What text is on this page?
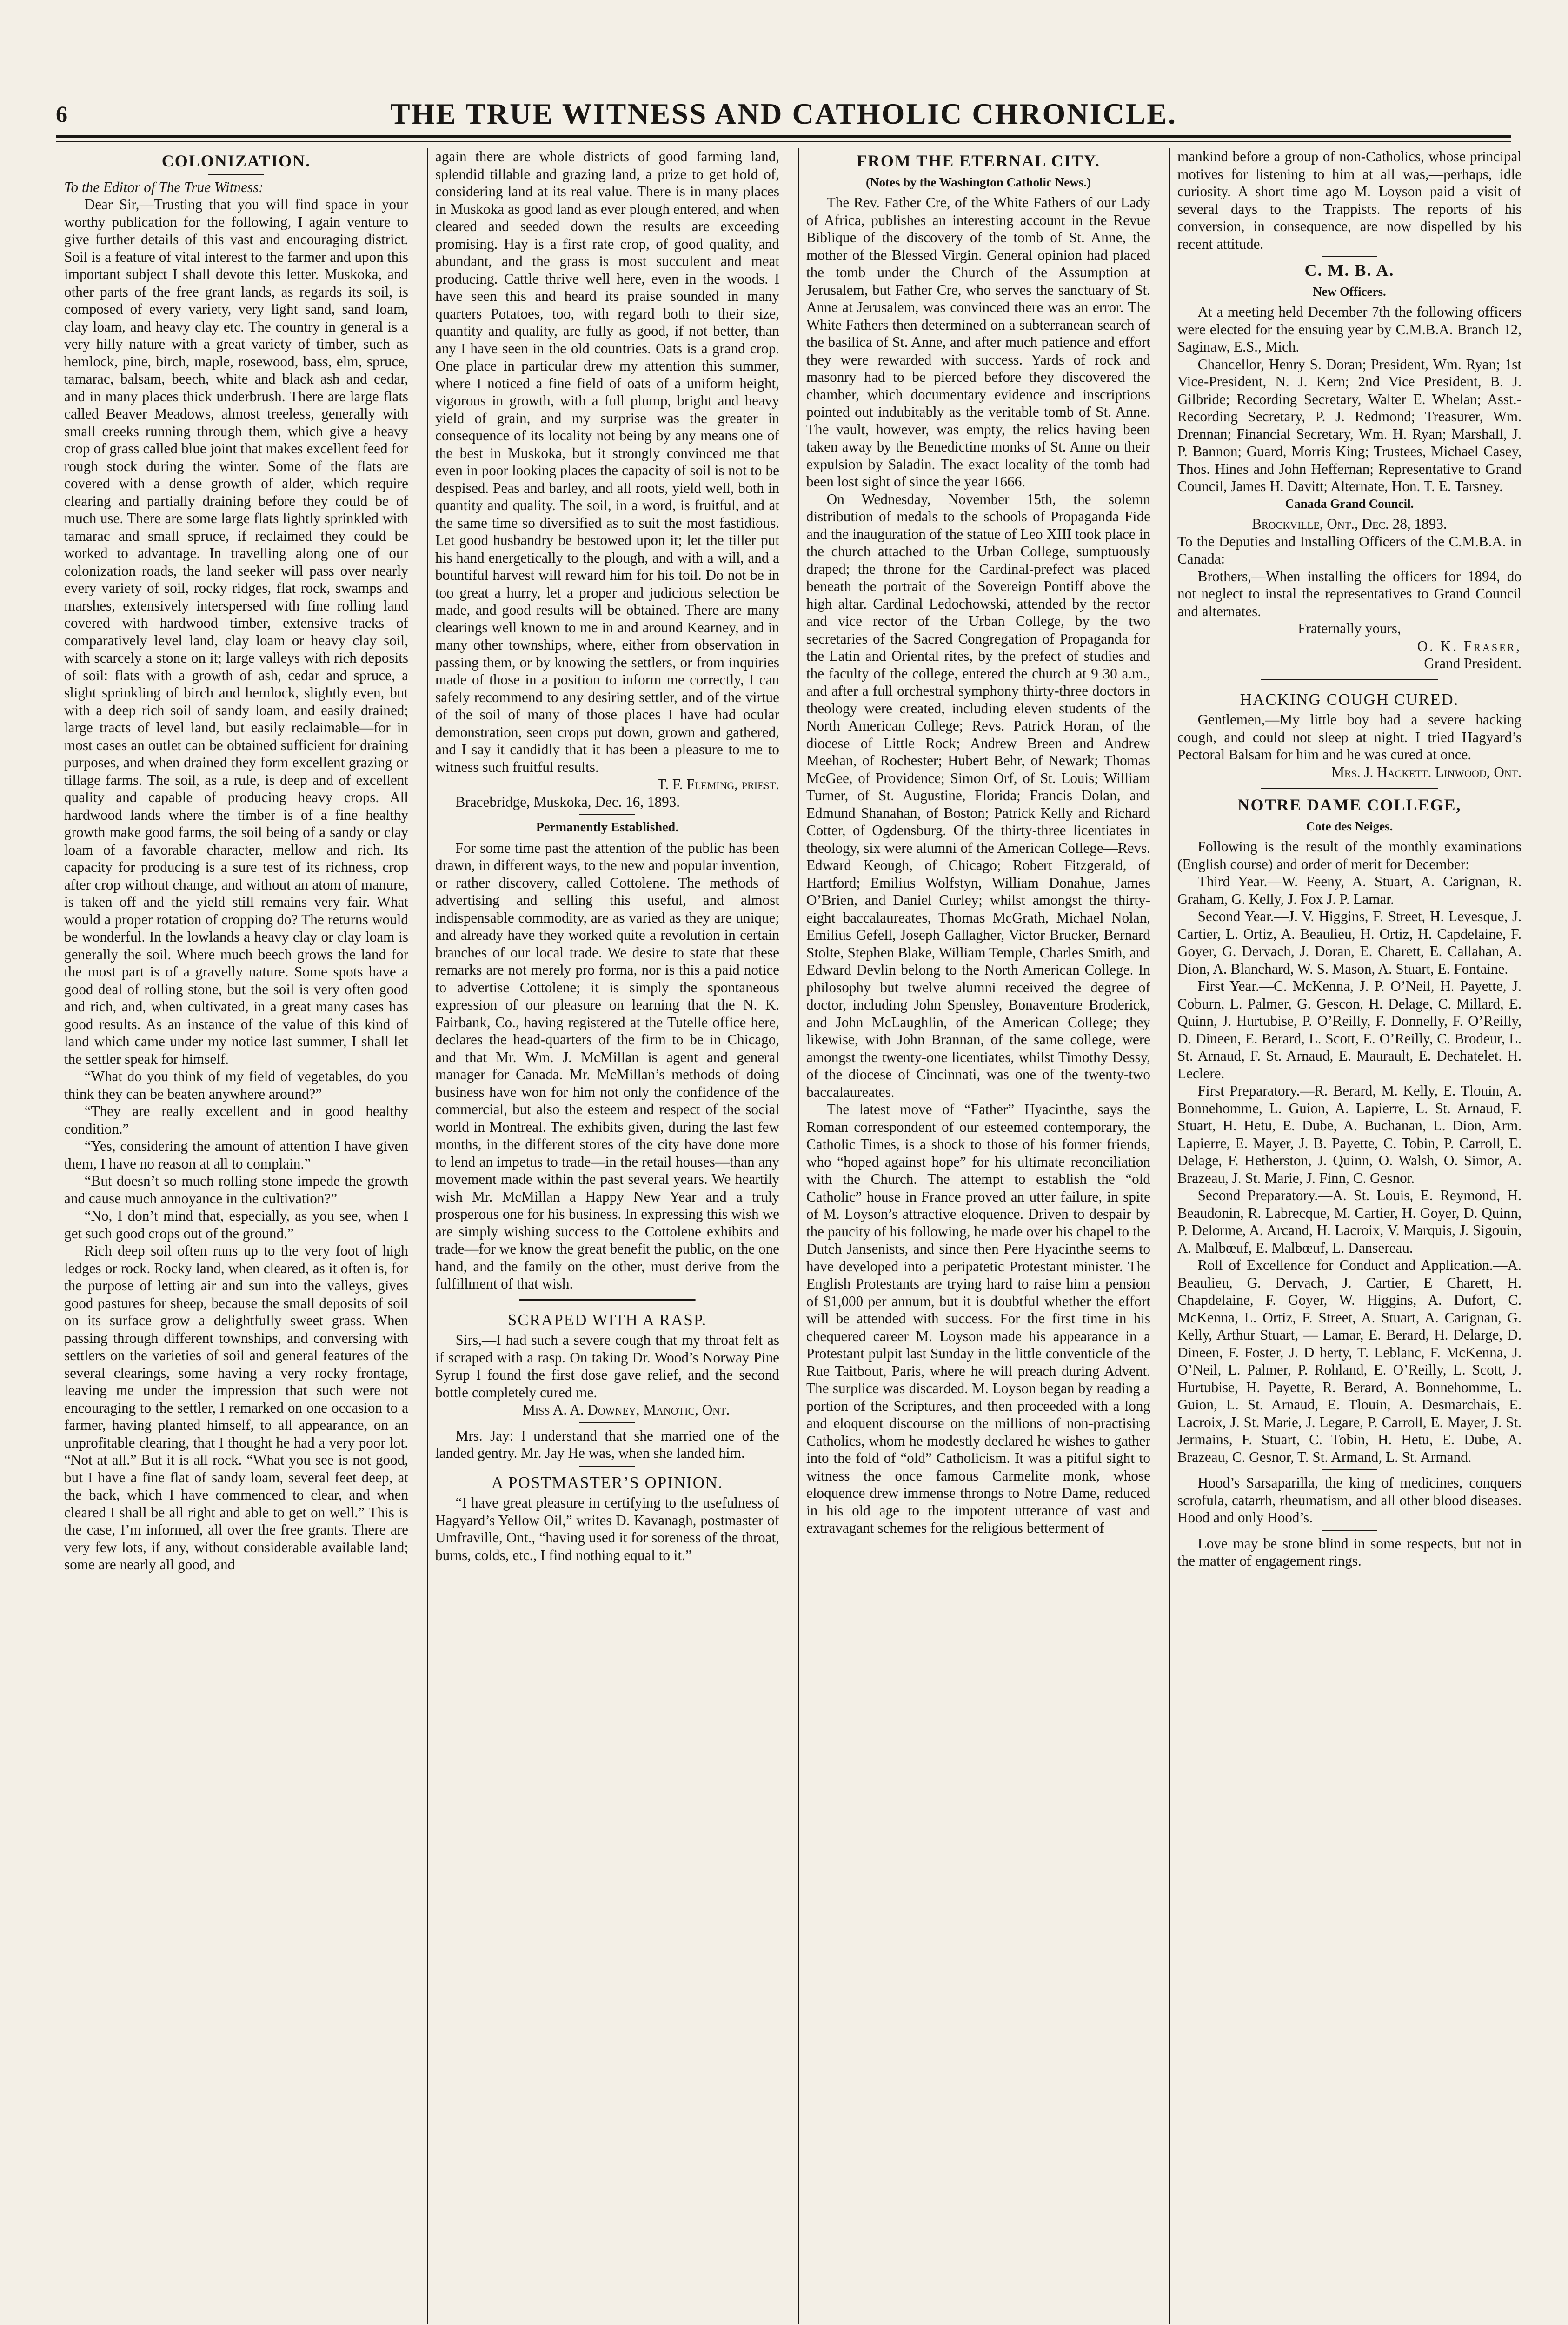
6	THE TRUE WITNESS AND CATHOLIC CHRONICLE.
COLONIZATION.

To the Editor of The True Witness:

Dear Sir,—Trusting that you will find space in your worthy publication for the following, I again venture to give further details of this vast and encouraging district. Soil is a feature of vital interest to the farmer and upon this important subject I shall devote this letter. Muskoka, and other parts of the free grant lands, as regards its soil, is composed of every variety, very light sand, sand loam, clay loam, and heavy clay etc. The country in general is a very hilly nature with a great variety of timber, such as hemlock, pine, birch, maple, rosewood, bass, elm, spruce, tamarac, balsam, beech, white and black ash and cedar, and in many places thick underbrush. There are large flats called Beaver Meadows, almost treeless, generally with small creeks running through them, which give a heavy crop of grass called blue joint that makes excellent feed for rough stock during the winter. Some of the flats are covered with a dense growth of alder, which require clearing and partially draining before they could be of much use. There are some large flats lightly sprinkled with tamarac and small spruce, if reclaimed they could be worked to advantage. In travelling along one of our colonization roads, the land seeker will pass over nearly every variety of soil, rocky ridges, flat rock, swamps and marshes, extensively interspersed with fine rolling land covered with hardwood timber, extensive tracks of comparatively level land, clay loam or heavy clay soil, with scarcely a stone on it; large valleys with rich deposits of soil: flats with a growth of ash, cedar and spruce, a slight sprinkling of birch and hemlock, slightly even, but with a deep rich soil of sandy loam, and easily drained; large tracts of level land, but easily reclaimable—for in most cases an outlet can be obtained sufficient for draining purposes, and when drained they form excellent grazing or tillage farms. The soil, as a rule, is deep and of excellent quality and capable of producing heavy crops. All hardwood lands where the timber is of a fine healthy growth make good farms, the soil being of a sandy or clay loam of a favorable character, mellow and rich. Its capacity for producing is a sure test of its richness, crop after crop without change, and without an atom of manure, is taken off and the yield still remains very fair. What would a proper rotation of cropping do? The returns would be wonderful. In the lowlands a heavy clay or clay loam is generally the soil. Where much beech grows the land for the most part is of a gravelly nature. Some spots have a good deal of rolling stone, but the soil is very often good and rich, and, when cultivated, in a great many cases has good results. As an instance of the value of this kind of land which came under my notice last summer, I shall let the settler speak for himself.

“What do you think of my field of vegetables, do you think they can be beaten anywhere around?”

“They are really excellent and in good healthy condition.”

“Yes, considering the amount of attention I have given them, I have no reason at all to complain.”

“But doesn’t so much rolling stone impede the growth and cause much annoyance in the cultivation?”

“No, I don’t mind that, especially, as you see, when I get such good crops out of the ground.”

Rich deep soil often runs up to the very foot of high ledges or rock. Rocky land, when cleared, as it often is, for the purpose of letting air and sun into the valleys, gives good pastures for sheep, because the small deposits of soil on its surface grow a delightfully sweet grass. When passing through different townships, and conversing with settlers on the varieties of soil and general features of the several clearings, some having a very rocky frontage, leaving me under the impression that such were not encouraging to the settler, I remarked on one occasion to a farmer, having planted himself, to all appearance, on an unprofitable clearing, that I thought he had a very poor lot. “Not at all.” But it is all rock. “What you see is not good, but I have a fine flat of sandy loam, several feet deep, at the back, which I have commenced to clear, and when cleared I shall be all right and able to get on well.” This is the case, I’m informed, all over the free grants. There are very few lots, if any, without considerable available land; some are nearly all good, and

again there are whole districts of good farming land, splendid tillable and grazing land, a prize to get hold of, considering land at its real value. There is in many places in Muskoka as good land as ever plough entered, and when cleared and seeded down the results are exceeding promising. Hay is a first rate crop, of good quality, and abundant, and the grass is most succulent and meat producing. Cattle thrive well here, even in the woods. I have seen this and heard its praise sounded in many quarters Potatoes, too, with regard both to their size, quantity and quality, are fully as good, if not better, than any I have seen in the old countries. Oats is a grand crop. One place in particular drew my attention this summer, where I noticed a fine field of oats of a uniform height, vigorous in growth, with a full plump, bright and heavy yield of grain, and my surprise was the greater in consequence of its locality not being by any means one of the best in Muskoka, but it strongly convinced me that even in poor looking places the capacity of soil is not to be despised. Peas and barley, and all roots, yield well, both in quantity and quality. The soil, in a word, is fruitful, and at the same time so diversified as to suit the most fastidious. Let good husbandry be bestowed upon it; let the tiller put his hand energetically to the plough, and with a will, and a bountiful harvest will reward him for his toil. Do not be in too great a hurry, let a proper and judicious selection be made, and good results will be obtained. There are many clearings well known to me in and around Kearney, and in many other townships, where, either from observation in passing them, or by knowing the settlers, or from inquiries made of those in a position to inform me correctly, I can safely recommend to any desiring settler, and of the virtue of the soil of many of those places I have had ocular demonstration, seen crops put down, grown and gathered, and I say it candidly that it has been a pleasure to me to witness such fruitful results.

T. F. Fleming, priest.

Bracebridge, Muskoka, Dec. 16, 1893.

Permanently Established.

For some time past the attention of the public has been drawn, in different ways, to the new and popular invention, or rather discovery, called Cottolene. The methods of advertising and selling this useful, and almost indispensable commodity, are as varied as they are unique; and already have they worked quite a revolution in certain branches of our local trade. We desire to state that these remarks are not merely pro forma, nor is this a paid notice to advertise Cottolene; it is simply the spontaneous expression of our pleasure on learning that the N. K. Fairbank, Co., having registered at the Tutelle office here, declares the head-quarters of the firm to be in Chicago, and that Mr. Wm. J. McMillan is agent and general manager for Canada. Mr. McMillan’s methods of doing business have won for him not only the confidence of the commercial, but also the esteem and respect of the social world in Montreal. The exhibits given, during the last few months, in the different stores of the city have done more to lend an impetus to trade—in the retail houses—than any movement made within the past several years. We heartily wish Mr. McMillan a Happy New Year and a truly prosperous one for his business. In expressing this wish we are simply wishing success to the Cottolene exhibits and trade—for we know the great benefit the public, on the one hand, and the family on the other, must derive from the fulfillment of that wish.

SCRAPED WITH A RASP.

Sirs,—I had such a severe cough that my throat felt as if scraped with a rasp. On taking Dr. Wood’s Norway Pine Syrup I found the first dose gave relief, and the second bottle completely cured me.

Miss A. A. Downey, Manotic, Ont.

Mrs. Jay: I understand that she married one of the landed gentry. Mr. Jay He was, when she landed him.

A POSTMASTER’S OPINION.

“I have great pleasure in certifying to the usefulness of Hagyard’s Yellow Oil,” writes D. Kavanagh, postmaster of Umfraville, Ont., “having used it for soreness of the throat, burns, colds, etc., I find nothing equal to it.”

FROM THE ETERNAL CITY.
(Notes by the Washington Catholic News.)

The Rev. Father Cre, of the White Fathers of our Lady of Africa, publishes an interesting account in the Revue Biblique of the discovery of the tomb of St. Anne, the mother of the Blessed Virgin. General opinion had placed the tomb under the Church of the Assumption at Jerusalem, but Father Cre, who serves the sanctuary of St. Anne at Jerusalem, was convinced there was an error. The White Fathers then determined on a subterranean search of the basilica of St. Anne, and after much patience and effort they were rewarded with success. Yards of rock and masonry had to be pierced before they discovered the chamber, which documentary evidence and inscriptions pointed out indubitably as the veritable tomb of St. Anne. The vault, however, was empty, the relics having been taken away by the Benedictine monks of St. Anne on their expulsion by Saladin. The exact locality of the tomb had been lost sight of since the year 1666.

On Wednesday, November 15th, the solemn distribution of medals to the schools of Propaganda Fide and the inauguration of the statue of Leo XIII took place in the church attached to the Urban College, sumptuously draped; the throne for the Cardinal-prefect was placed beneath the portrait of the Sovereign Pontiff above the high altar. Cardinal Ledochowski, attended by the rector and vice rector of the Urban College, by the two secretaries of the Sacred Congregation of Propaganda for the Latin and Oriental rites, by the prefect of studies and the faculty of the college, entered the church at 9 30 a.m., and after a full orchestral symphony thirty-three doctors in theology were created, including eleven students of the North American College; Revs. Patrick Horan, of the diocese of Little Rock; Andrew Breen and Andrew Meehan, of Rochester; Hubert Behr, of Newark; Thomas McGee, of Providence; Simon Orf, of St. Louis; William Turner, of St. Augustine, Florida; Francis Dolan, and Edmund Shanahan, of Boston; Patrick Kelly and Richard Cotter, of Ogdensburg. Of the thirty-three licentiates in theology, six were alumni of the American College—Revs. Edward Keough, of Chicago; Robert Fitzgerald, of Hartford; Emilius Wolfstyn, William Donahue, James O’Brien, and Daniel Curley; whilst amongst the thirty-eight baccalaureates, Thomas McGrath, Michael Nolan, Emilius Gefell, Joseph Gallagher, Victor Brucker, Bernard Stolte, Stephen Blake, William Temple, Charles Smith, and Edward Devlin belong to the North American College. In philosophy but twelve alumni received the degree of doctor, including John Spensley, Bonaventure Broderick, and John McLaughlin, of the American College; they likewise, with John Brannan, of the same college, were amongst the twenty-one licentiates, whilst Timothy Dessy, of the diocese of Cincinnati, was one of the twenty-two baccalaureates.

The latest move of “Father” Hyacinthe, says the Roman correspondent of our esteemed contemporary, the Catholic Times, is a shock to those of his former friends, who “hoped against hope” for his ultimate reconciliation with the Church. The attempt to establish the “old Catholic” house in France proved an utter failure, in spite of M. Loyson’s attractive eloquence. Driven to despair by the paucity of his following, he made over his chapel to the Dutch Jansenists, and since then Pere Hyacinthe seems to have developed into a peripatetic Protestant minister. The English Protestants are trying hard to raise him a pension of $1,000 per annum, but it is doubtful whether the effort will be attended with success. For the first time in his chequered career M. Loyson made his appearance in a Protestant pulpit last Sunday in the little conventicle of the Rue Taitbout, Paris, where he will preach during Advent. The surplice was discarded. M. Loyson began by reading a portion of the Scriptures, and then proceeded with a long and eloquent discourse on the millions of non-practising Catholics, whom he modestly declared he wishes to gather into the fold of “old” Catholicism. It was a pitiful sight to witness the once famous Carmelite monk, whose eloquence drew immense throngs to Notre Dame, reduced in his old age to the impotent utterance of vast and extravagant schemes for the religious betterment of

mankind before a group of non-Catholics, whose principal motives for listening to him at all was,—perhaps, idle curiosity. A short time ago M. Loyson paid a visit of several days to the Trappists. The reports of his conversion, in consequence, are now dispelled by his recent attitude.

C. M. B. A.
New Officers.

At a meeting held December 7th the following officers were elected for the ensuing year by C.M.B.A. Branch 12, Saginaw, E.S., Mich.

Chancellor, Henry S. Doran; President, Wm. Ryan; 1st Vice-President, N. J. Kern; 2nd Vice President, B. J. Gilbride; Recording Secretary, Walter E. Whelan; Asst.-Recording Secretary, P. J. Redmond; Treasurer, Wm. Drennan; Financial Secretary, Wm. H. Ryan; Marshall, J. P. Bannon; Guard, Morris King; Trustees, Michael Casey, Thos. Hines and John Heffernan; Representative to Grand Council, James H. Davitt; Alternate, Hon. T. E. Tarsney.

Canada Grand Council.

Brockville, Ont., Dec. 28, 1893.

To the Deputies and Installing Officers of the C.M.B.A. in Canada:

Brothers,—When installing the officers for 1894, do not neglect to instal the representatives to Grand Council and alternates.

Fraternally yours,

O. K. Fraser,

Grand President.

HACKING COUGH CURED.

Gentlemen,—My little boy had a severe hacking cough, and could not sleep at night. I tried Hagyard’s Pectoral Balsam for him and he was cured at once.

Mrs. J. Hackett. Linwood, Ont.

NOTRE DAME COLLEGE,
Cote des Neiges.

Following is the result of the monthly examinations (English course) and order of merit for December:

Third Year.—W. Feeny, A. Stuart, A. Carignan, R. Graham, G. Kelly, J. Fox J. P. Lamar.

Second Year.—J. V. Higgins, F. Street, H. Levesque, J. Cartier, L. Ortiz, A. Beaulieu, H. Ortiz, H. Capdelaine, F. Goyer, G. Dervach, J. Doran, E. Charett, E. Callahan, A. Dion, A. Blanchard, W. S. Mason, A. Stuart, E. Fontaine.

First Year.—C. McKenna, J. P. O’Neil, H. Payette, J. Coburn, L. Palmer, G. Gescon, H. Delage, C. Millard, E. Quinn, J. Hurtubise, P. O’Reilly, F. Donnelly, F. O’Reilly, D. Dineen, E. Berard, L. Scott, E. O’Reilly, C. Brodeur, L. St. Arnaud, F. St. Arnaud, E. Maurault, E. Dechatelet. H. Leclere.

First Preparatory.—R. Berard, M. Kelly, E. Tlouin, A. Bonnehomme, L. Guion, A. Lapierre, L. St. Arnaud, F. Stuart, H. Hetu, E. Dube, A. Buchanan, L. Dion, Arm. Lapierre, E. Mayer, J. B. Payette, C. Tobin, P. Carroll, E. Delage, F. Hetherston, J. Quinn, O. Walsh, O. Simor, A. Brazeau, J. St. Marie, J. Finn, C. Gesnor.

Second Preparatory.—A. St. Louis, E. Reymond, H. Beaudonin, R. Labrecque, M. Cartier, H. Goyer, D. Quinn, P. Delorme, A. Arcand, H. Lacroix, V. Marquis, J. Sigouin, A. Malbœuf, E. Malbœuf, L. Dansereau.

Roll of Excellence for Conduct and Application.—A. Beaulieu, G. Dervach, J. Cartier, E Charett, H. Chapdelaine, F. Goyer, W. Higgins, A. Dufort, C. McKenna, L. Ortiz, F. Street, A. Stuart, A. Carignan, G. Kelly, Arthur Stuart, — Lamar, E. Berard, H. Delarge, D. Dineen, F. Foster, J. D herty, T. Leblanc, F. McKenna, J. O’Neil, L. Palmer, P. Rohland, E. O’Reilly, L. Scott, J. Hurtubise, H. Payette, R. Berard, A. Bonnehomme, L. Guion, L. St. Arnaud, E. Tlouin, A. Desmarchais, E. Lacroix, J. St. Marie, J. Legare, P. Carroll, E. Mayer, J. St. Jermains, F. Stuart, C. Tobin, H. Hetu, E. Dube, A. Brazeau, C. Gesnor, T. St. Armand, L. St. Armand.

Hood’s Sarsaparilla, the king of medicines, conquers scrofula, catarrh, rheumatism, and all other blood diseases. Hood and only Hood’s.

Love may be stone blind in some respects, but not in the matter of engagement rings.
